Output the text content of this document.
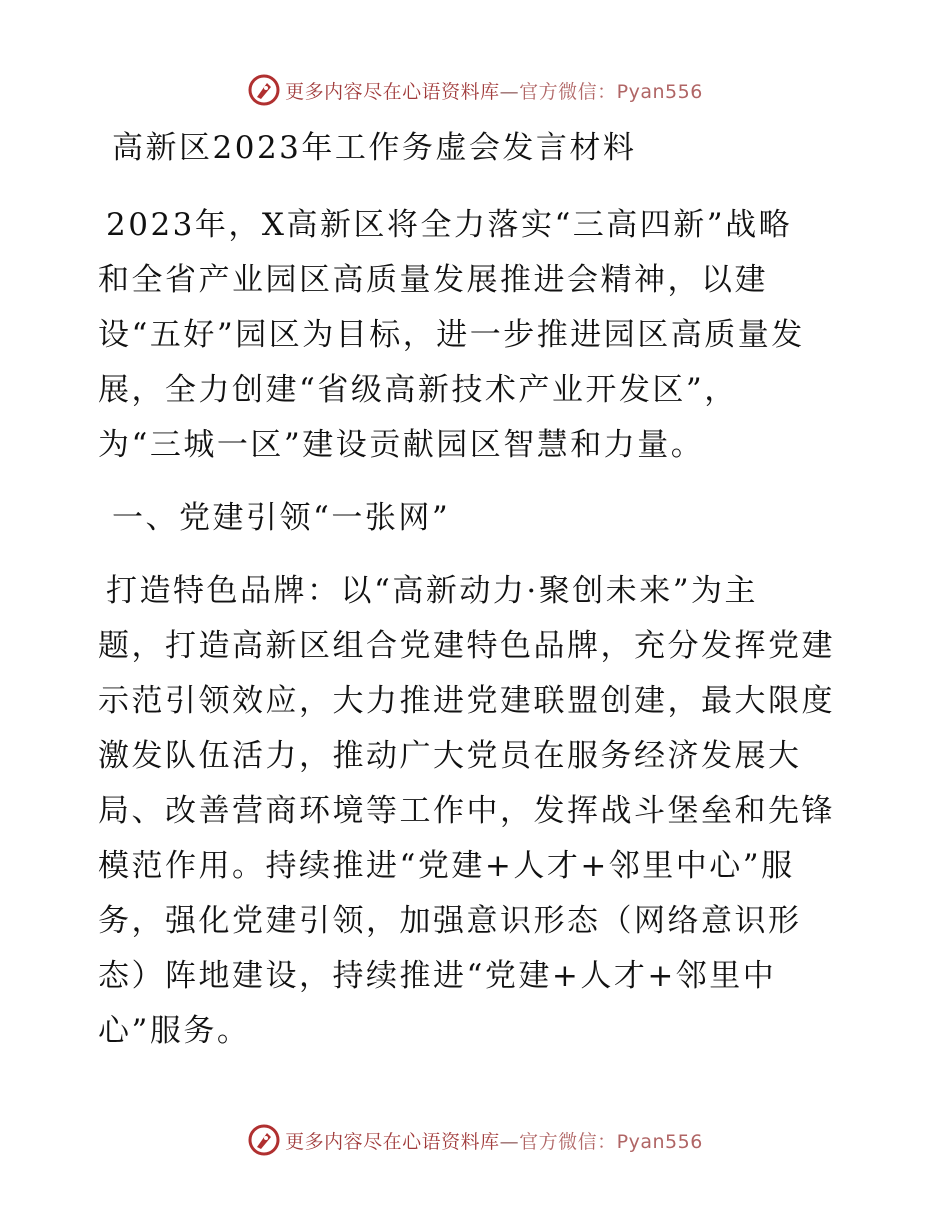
更多内容尽在心语资料库—官方微信：Pyan556
高新区2023年工作务虚会发言材料
2023年，X高新区将全力落实“三高四新”战略
和全省产业园区高质量发展推进会精神，以建
设“五好”园区为目标，进一步推进园区高质量发
展，全力创建“省级高新技术产业开发区”，
为“三城一区”建设贡献园区智慧和力量。
一、党建引领“一张网”
打造特色品牌：以“高新动力·聚创未来”为主
题，打造高新区组合党建特色品牌，充分发挥党建
示范引领效应，大力推进党建联盟创建，最大限度
激发队伍活力，推动广大党员在服务经济发展大
局、改善营商环境等工作中，发挥战斗堡垒和先锋
模范作用。持续推进“党建+人才+邻里中心”服
务，强化党建引领，加强意识形态（网络意识形
态）阵地建设，持续推进“党建+人才+邻里中
心”服务。
更多内容尽在心语资料库—官方微信：Pyan556
